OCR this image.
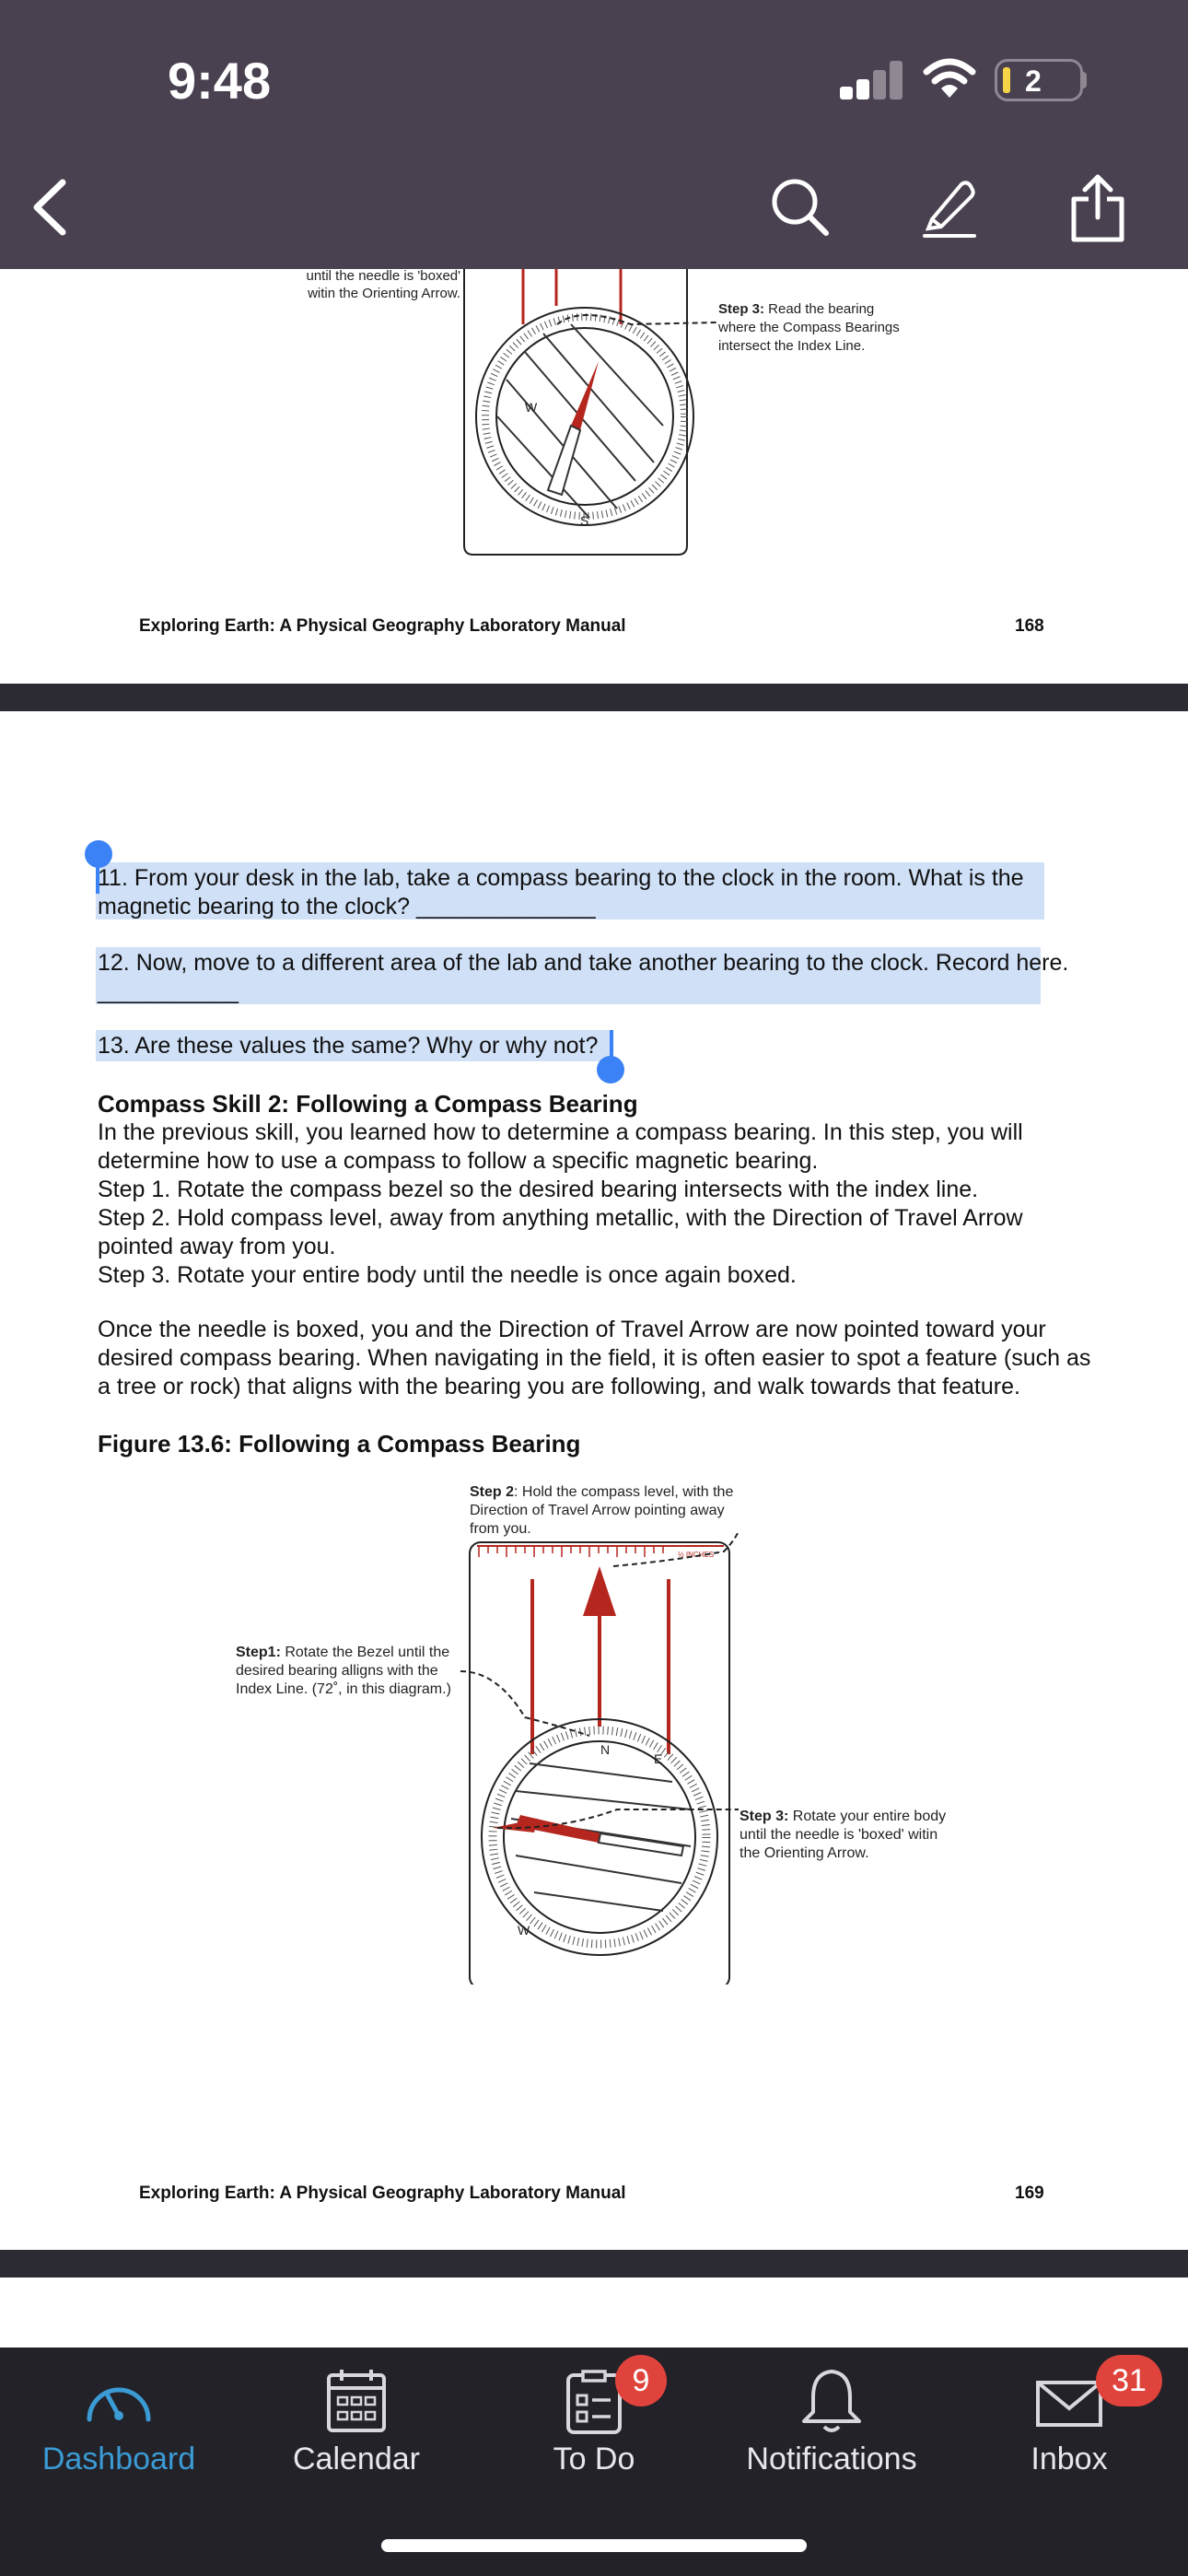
9:48	2
until the needle is 'boxed'
witin the Orienting Arrow.
Step 3: Read the bearing
where the Compass Bearings
intersect the Index Line.
W
S
Exploring Earth: A Physical Geography Laboratory Manual	168
11. From your desk in the lab, take a compass bearing to the clock in the room. What is the magnetic bearing to the clock? ______________
12. Now, move to a different area of the lab and take another bearing to the clock. Record here. ___________
13. Are these values the same? Why or why not?
Compass Skill 2: Following a Compass Bearing
In the previous skill, you learned how to determine a compass bearing. In this step, you will determine how to use a compass to follow a specific magnetic bearing.
Step 1. Rotate the compass bezel so the desired bearing intersects with the index line.
Step 2. Hold compass level, away from anything metallic, with the Direction of Travel Arrow pointed away from you.
Step 3. Rotate your entire body until the needle is once again boxed.
Once the needle is boxed, you and the Direction of Travel Arrow are now pointed toward your desired compass bearing. When navigating in the field, it is often easier to spot a feature (such as a tree or rock) that aligns with the bearing you are following, and walk towards that feature.
Figure 13.6: Following a Compass Bearing
Step 2: Hold the compass level, with the Direction of Travel Arrow pointing away from you.
Step1: Rotate the Bezel until the desired bearing alligns with the Index Line. (72˚, in this diagram.)
Step 3: Rotate your entire body until the needle is 'boxed' witin the Orienting Arrow.
½ INCHES
N
E
W
Exploring Earth: A Physical Geography Laboratory Manual	169
Dashboard	Calendar	To Do
9
Notifications	Inbox
31
